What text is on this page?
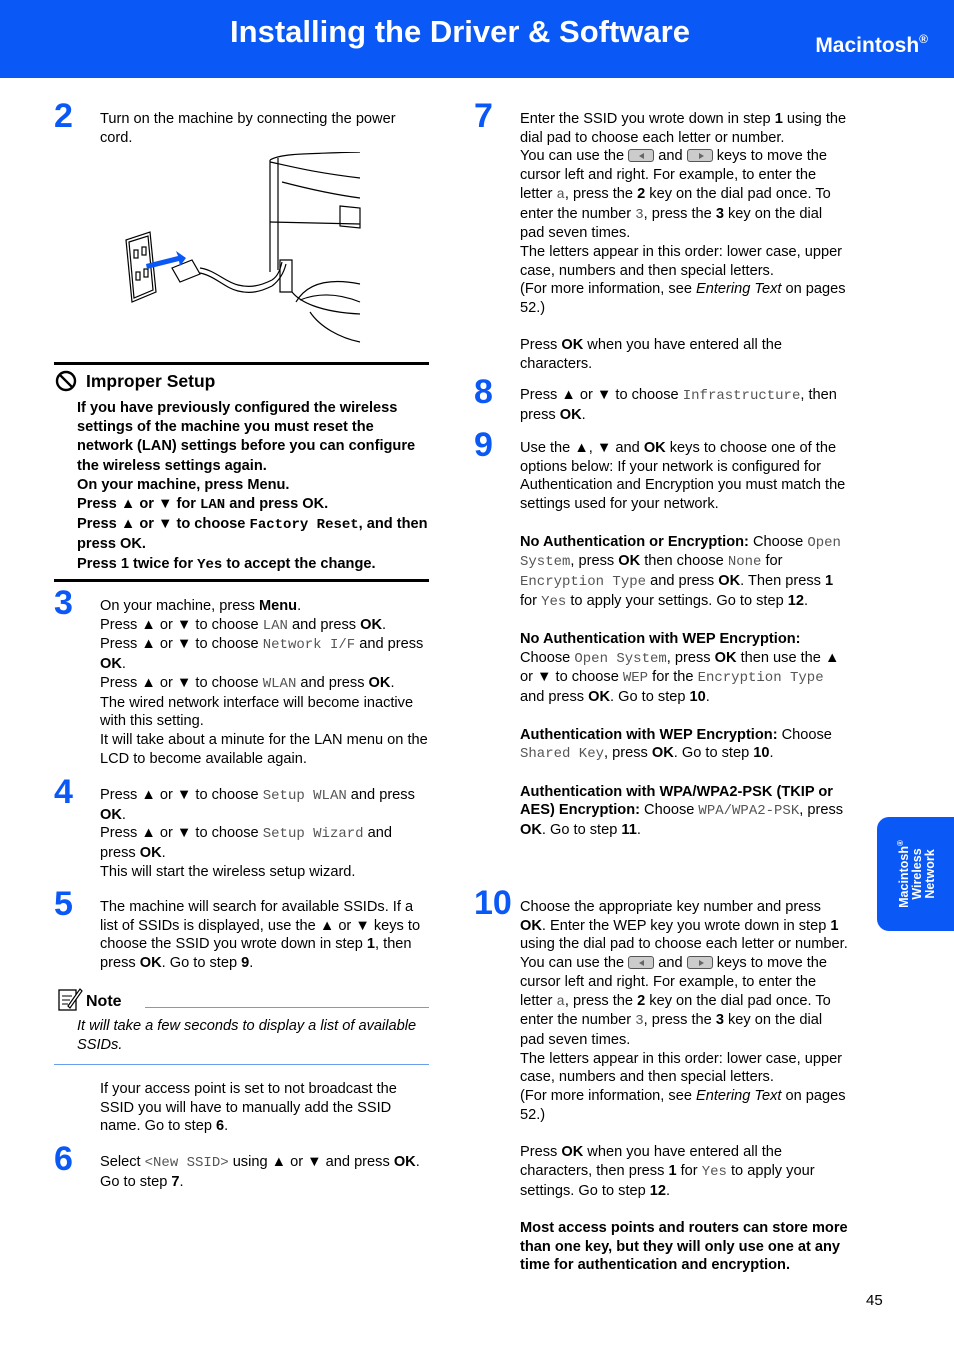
Installing the Driver & Software	Macintosh®
2
3
4
5
6
7
8
9
10
Turn on the machine by connecting the power cord.
Improper Setup
If you have previously configured the wireless settings of the machine you must reset the network (LAN) settings before you can configure the wireless settings again.
On your machine, press Menu.
Press ▲ or ▼ for LAN and press OK.
Press ▲ or ▼ to choose Factory Reset, and then press OK.
Press 1 twice for Yes to accept the change.
On your machine, press Menu.
Press ▲ or ▼ to choose LAN and press OK.
Press ▲ or ▼ to choose Network I/F and press OK.
Press ▲ or ▼ to choose WLAN and press OK.
The wired network interface will become inactive with this setting.
It will take about a minute for the LAN menu on the LCD to become available again.
Press ▲ or ▼ to choose Setup WLAN and press OK.
Press ▲ or ▼ to choose Setup Wizard and press OK.
This will start the wireless setup wizard.
The machine will search for available SSIDs. If a list of SSIDs is displayed, use the ▲ or ▼ keys to choose the SSID you wrote down in step 1, then press OK. Go to step 9.
Note
It will take a few seconds to display a list of available SSIDs.
If your access point is set to not broadcast the SSID you will have to manually add the SSID name. Go to step 6.
Select <New SSID> using ▲ or ▼ and press OK. Go to step 7.
Enter the SSID you wrote down in step 1 using the dial pad to choose each letter or number.
You can use the  and  keys to move the cursor left and right. For example, to enter the letter a, press the 2 key on the dial pad once. To enter the number 3, press the 3 key on the dial pad seven times.
The letters appear in this order: lower case, upper case, numbers and then special letters.
(For more information, see Entering Text on pages 52.)

Press OK when you have entered all the characters.
Press ▲ or ▼ to choose Infrastructure, then press OK.
Use the ▲, ▼ and OK keys to choose one of the options below: If your network is configured for Authentication and Encryption you must match the settings used for your network.

No Authentication or Encryption: Choose Open System, press OK then choose None for Encryption Type and press OK. Then press 1 for Yes to apply your settings. Go to step 12.

No Authentication with WEP Encryption: Choose Open System, press OK then use the ▲ or ▼ to choose WEP for the Encryption Type and press OK. Go to step 10.

Authentication with WEP Encryption: Choose Shared Key, press OK. Go to step 10.

Authentication with WPA/WPA2-PSK (TKIP or AES) Encryption: Choose WPA/WPA2-PSK, press OK. Go to step 11.
Choose the appropriate key number and press OK. Enter the WEP key you wrote down in step 1 using the dial pad to choose each letter or number. You can use the  and  keys to move the cursor left and right. For example, to enter the letter a, press the 2 key on the dial pad once. To enter the number 3, press the 3 key on the dial pad seven times.
The letters appear in this order: lower case, upper case, numbers and then special letters.
(For more information, see Entering Text on pages 52.)

Press OK when you have entered all the characters, then press 1 for Yes to apply your settings. Go to step 12.

Most access points and routers can store more than one key, but they will only use one at any time for authentication and encryption.
Macintosh®
Wireless Network
45
